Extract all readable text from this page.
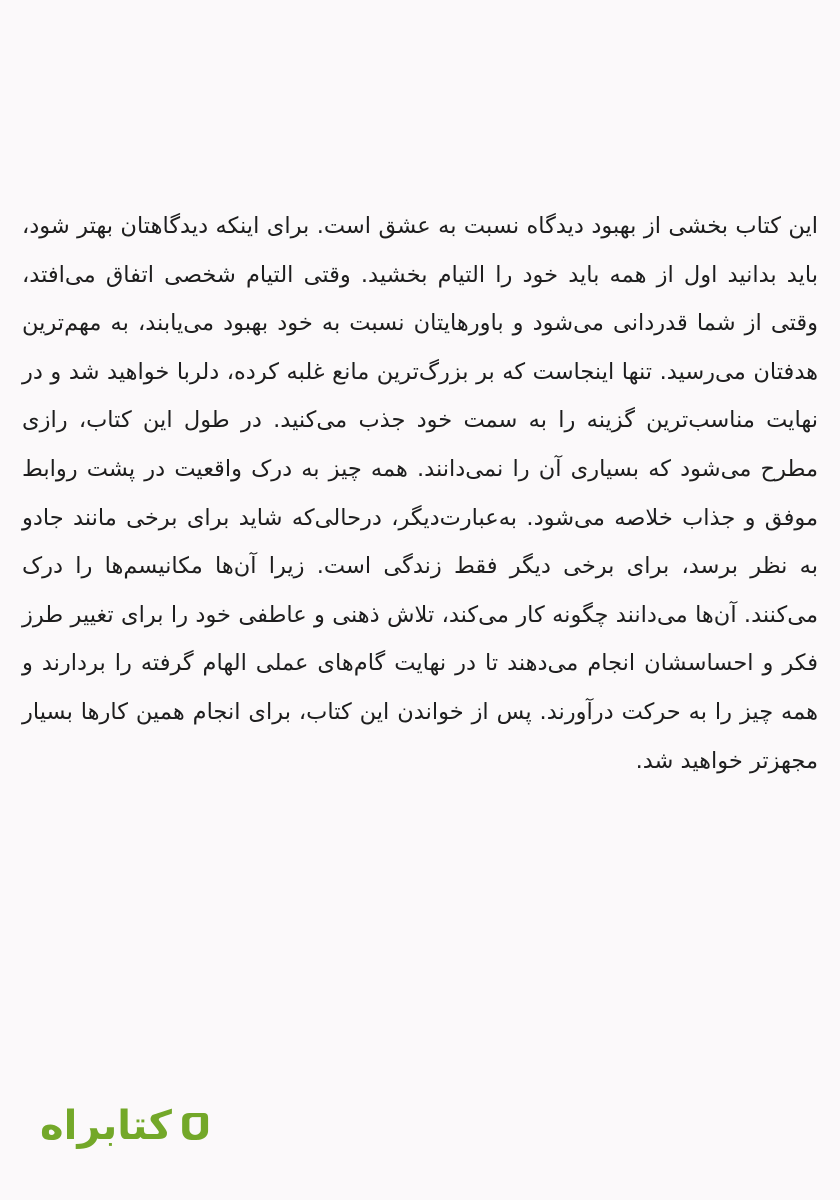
این کتاب بخشی از بهبود دیدگاه نسبت به عشق است. برای اینکه دیدگاهتان بهتر شود، باید بدانید اول از همه باید خود را التیام بخشید. وقتی التیام شخصی اتفاق می‌افتد، وقتی از شما قدردانی می‌شود و باورهایتان نسبت به خود بهبود می‌یابند، به مهم‌ترین هدفتان می‌رسید. تنها اینجاست که بر بزرگ‌ترین مانع غلبه کرده، دلربا خواهید شد و در نهایت مناسب‌ترین گزینه را به سمت خود جذب می‌کنید. در طول این کتاب، رازی مطرح می‌شود که بسیاری آن را نمی‌دانند. همه چیز به درک واقعیت در پشت روابط موفق و جذاب خلاصه می‌شود. به‌عبارت‌دیگر، درحالی‌که شاید برای برخی مانند جادو به نظر برسد، برای برخی دیگر فقط زندگی است. زیرا آن‌ها مکانیسم‌ها را درک می‌کنند. آن‌ها می‌دانند چگونه کار می‌کند، تلاش ذهنی و عاطفی خود را برای تغییر طرز فکر و احساسشان انجام می‌دهند تا در نهایت گام‌های عملی الهام گرفته را بردارند و همه چیز را به حرکت درآورند. پس از خواندن این کتاب، برای انجام همین کارها بسیار مجهزتر خواهید شد.

کتابراه
